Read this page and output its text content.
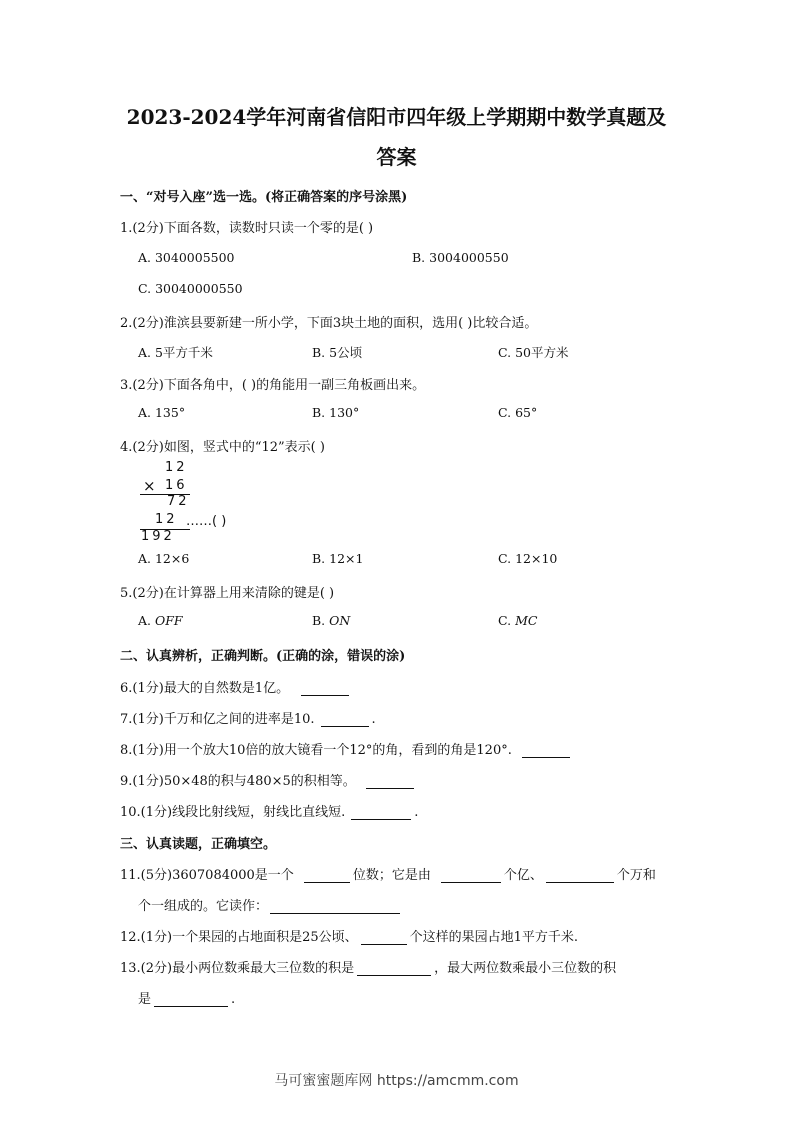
2023-2024学年河南省信阳市四年级上学期期中数学真题及
答案
一、“对号入座”选一选。(将正确答案的序号涂黑)
1.(2分)下面各数，读数时只读一个零的是( )
A. 3040005500	B. 3004000550
C. 30040000550
2.(2分)淮滨县要新建一所小学，下面3块土地的面积，选用( )比较合适。
A. 5平方千米	B. 5公顷	C. 50平方米
3.(2分)下面各角中，( )的角能用一副三角板画出来。
A. 135°	B. 130°	C. 65°
4.(2分)如图，竖式中的“12”表示( )
12
× 16
72
12 ……( )
192
A. 12×6	B. 12×1	C. 12×10
5.(2分)在计算器上用来清除的键是( )
A. OFF	B. ON	C. MC
二、认真辨析，正确判断。(正确的涂，错误的涂)
6.(1分)最大的自然数是1亿。
7.(1分)千万和亿之间的进率是10.	.
8.(1分)用一个放大10倍的放大镜看一个12°的角，看到的角是120°.
9.(1分)50×48的积与480×5的积相等。
10.(1分)线段比射线短，射线比直线短.	.
三、认真读题，正确填空。
11.(5分)3607084000是一个	位数；它是由	个亿、	个万和
个一组成的。它读作：
12.(1分)一个果园的占地面积是25公顷、	个这样的果园占地1平方千米.
13.(2分)最小两位数乘最大三位数的积是	，最大两位数乘最小三位数的积
是	.
马可蜜蜜题库网 https://amcmm.com
